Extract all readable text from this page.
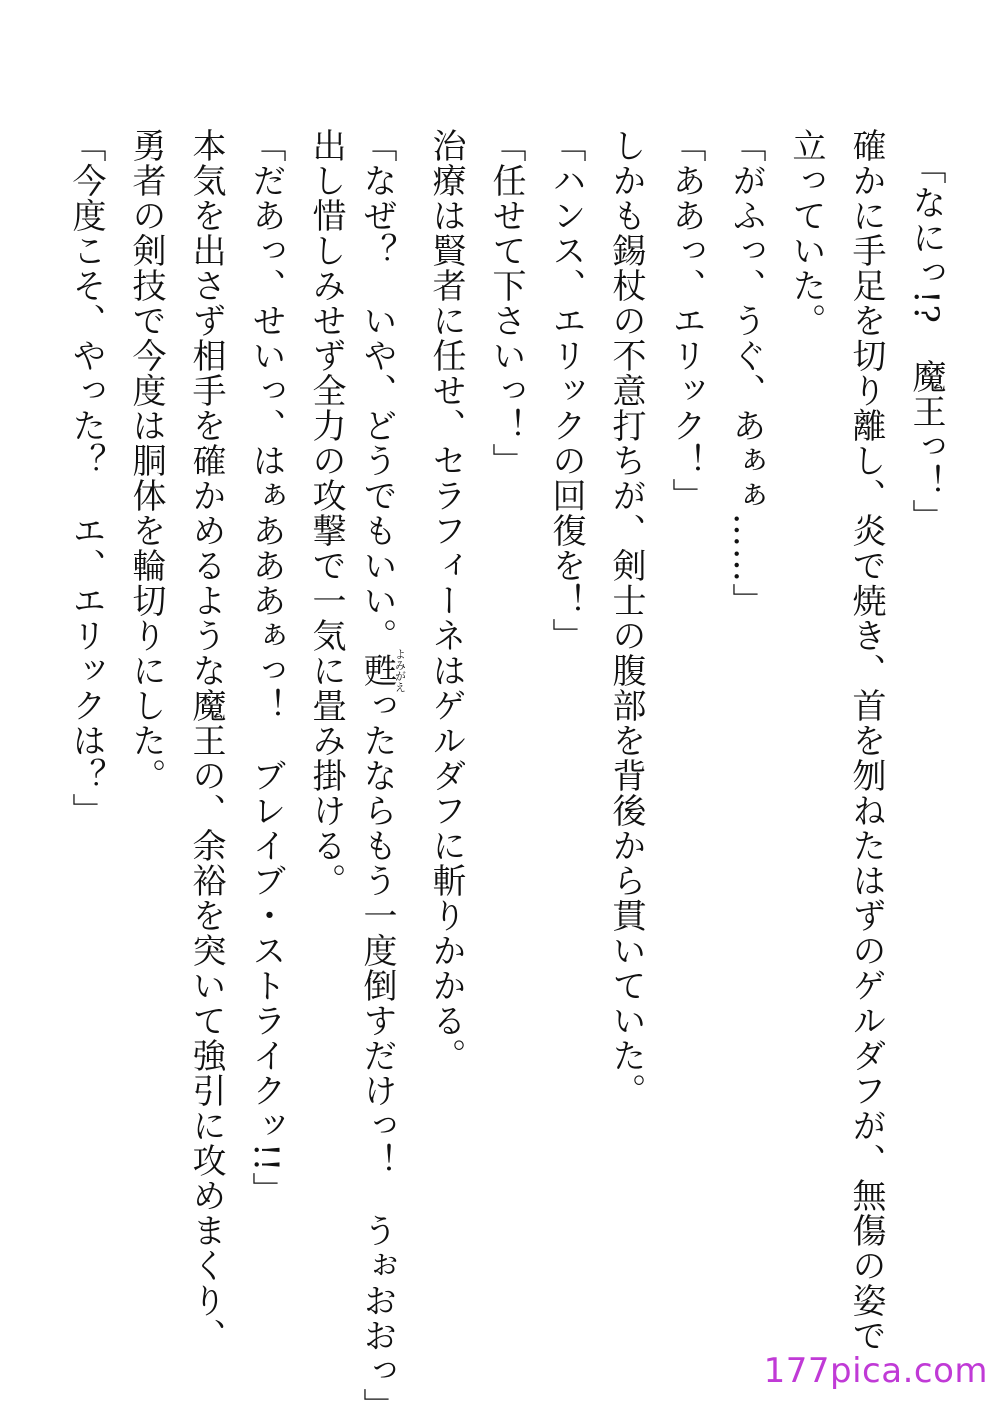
確かに手足を切り離し、炎で焼き、首を刎ねたはずのゲルダフが、無傷の姿で
立っていた。 「なにっ!?　魔王っ！」
「がふっ、うぐ、あぁぁ……」
「ああっ、エリック！」
しかも錫杖の不意打ちが、剣士の腹部を背後から貫いていた。
「ハンス、エリックの回復を！」
「任せて下さいっ！」
治療は賢者に任せ、セラフィーネはゲルダフに斬りかかる。
「なぜ？　いや、どうでもいい。甦よみがえったならもう一度倒すだけっ！　うぉおおっ」
出し惜しみせず全力の攻撃で一気に畳み掛ける。
「だあっ、せいっ、はぁあああぁっ！　ブレイブ・ストライクッ!!」
本気を出さず相手を確かめるような魔王の、余裕を突いて強引に攻めまくり、
勇者の剣技で今度は胴体を輪切りにした。
「今度こそ、やった？　エ、エリックは？」
177pica.com
